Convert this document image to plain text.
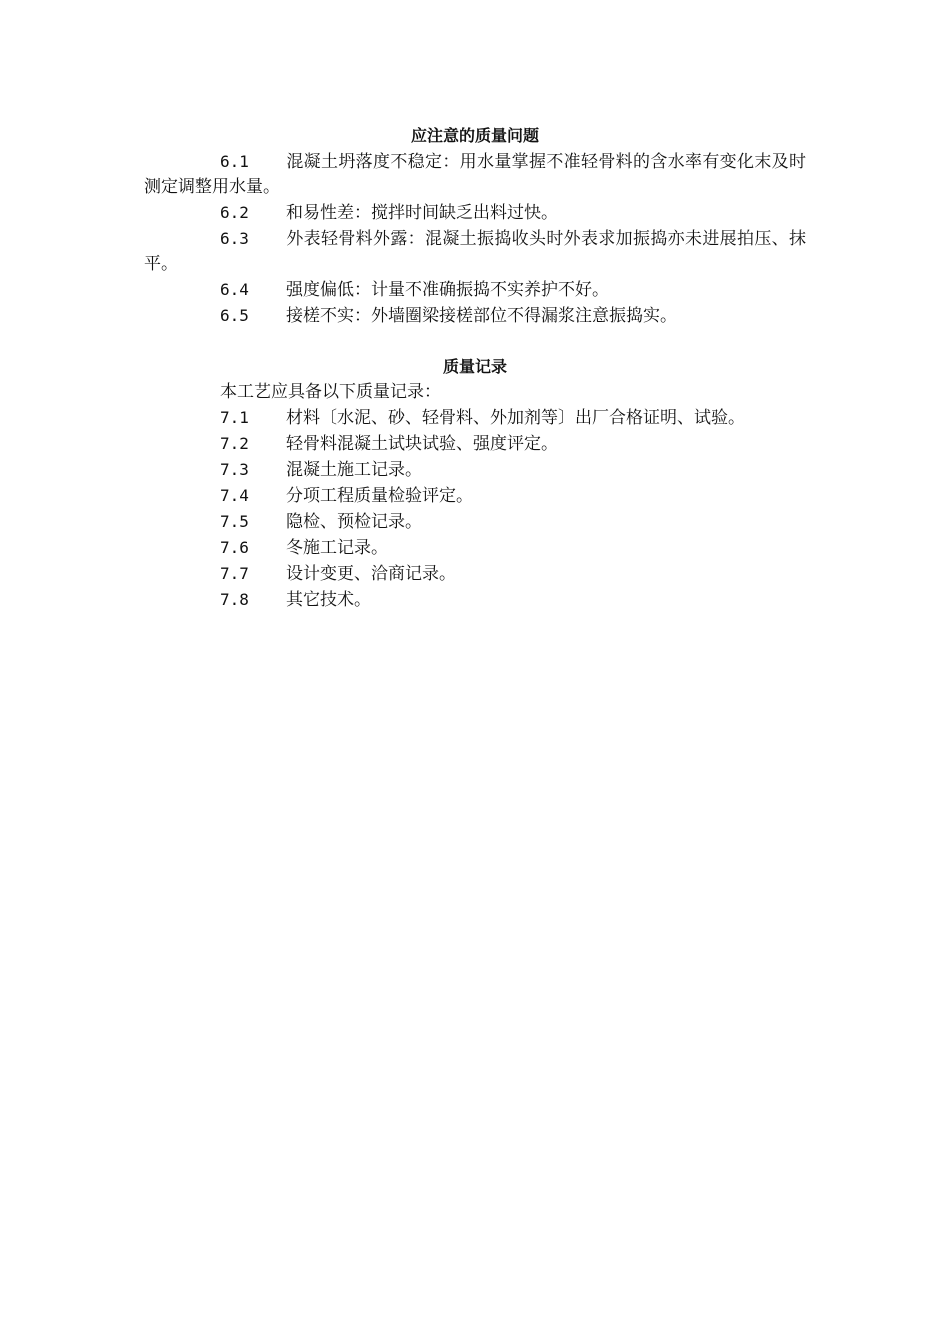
应注意的质量问题
6.1 混凝土坍落度不稳定：用水量掌握不准轻骨料的含水率有变化末及时测定调整用水量。
6.2 和易性差：搅拌时间缺乏出料过快。
6.3 外表轻骨料外露：混凝土振捣收头时外表求加振捣亦未进展拍压、抹平。
6.4 强度偏低：计量不准确振捣不实养护不好。
6.5 接槎不实：外墙圈梁接槎部位不得漏浆注意振捣实。
质量记录
本工艺应具备以下质量记录：
7.1 材料〔水泥、砂、轻骨料、外加剂等〕出厂合格证明、试验。
7.2 轻骨料混凝土试块试验、强度评定。
7.3 混凝土施工记录。
7.4 分项工程质量检验评定。
7.5 隐检、预检记录。
7.6 冬施工记录。
7.7 设计变更、洽商记录。
7.8 其它技术。
